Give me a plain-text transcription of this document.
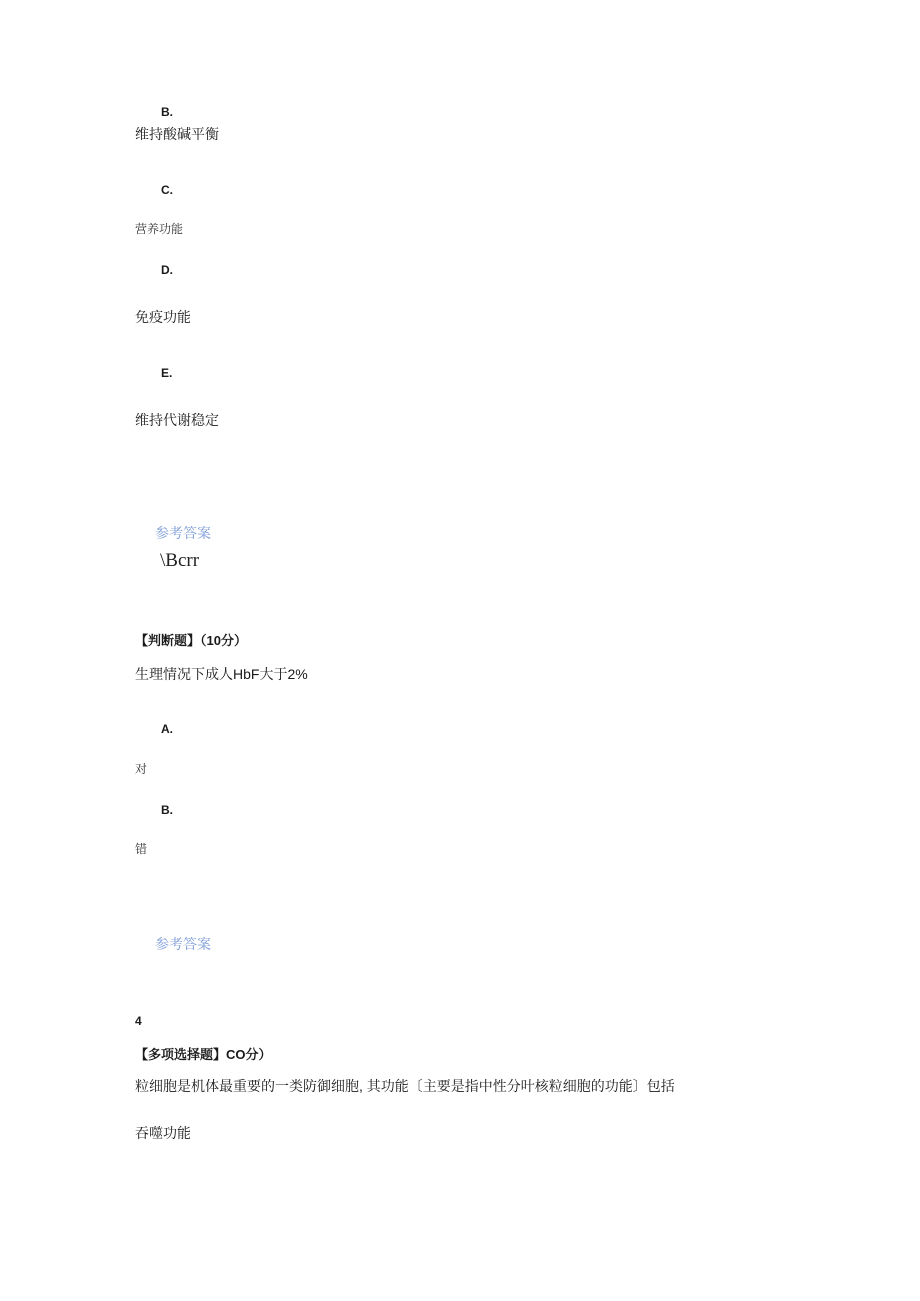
B.
维持酸碱平衡
C.
营养功能
D.
免疫功能
E.
维持代谢稳定
参考答案
\Bcrr
【判断题】（10分）
生理情况下成人HbF大于2%
A.
对
B.
错
参考答案
4
【多项选择题】CO分）
粒细胞是机体最重要的一类防御细胞, 其功能〔主要是指中性分叶核粒细胞的功能〕包括
吞噬功能
